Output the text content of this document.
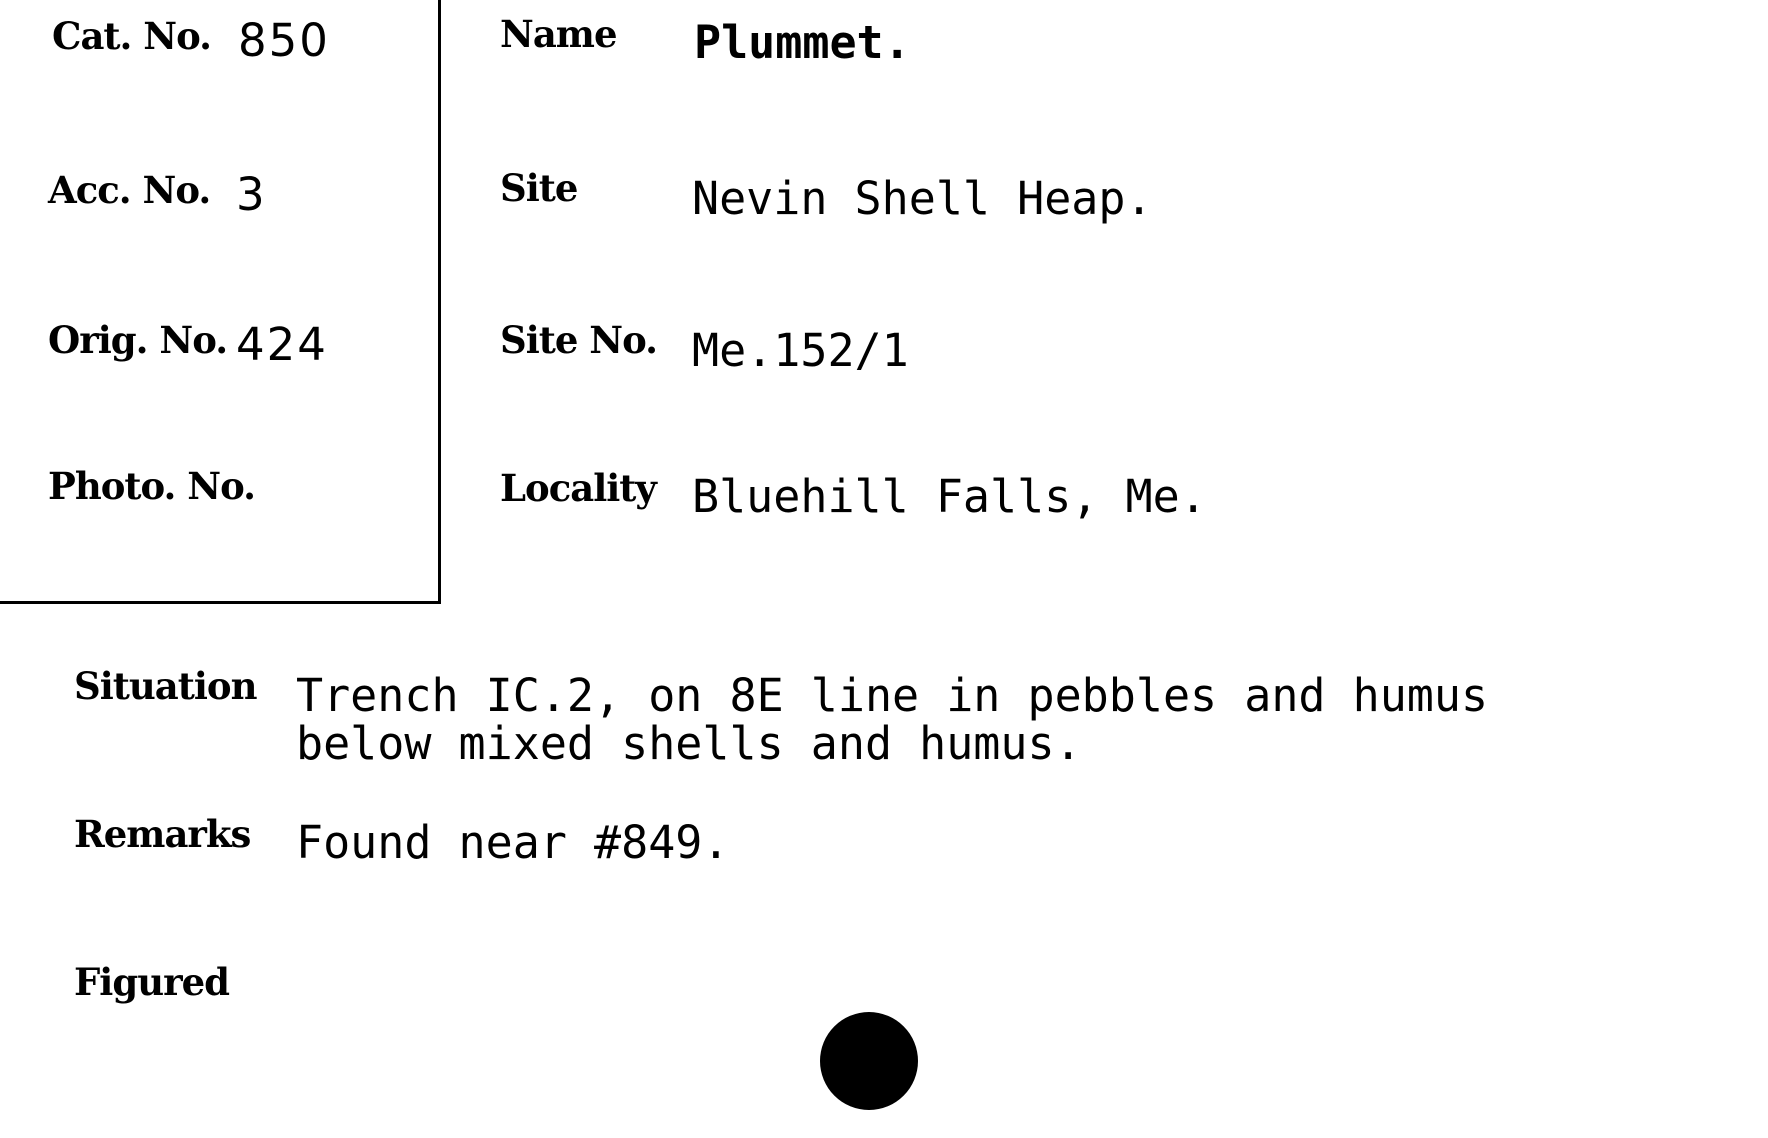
Cat. No. 850
Acc. No. 3
Orig. No. 424
Photo. No.
Name Plummet.
Site	Nevin Shell Heap.
Site No. Me.152/1
Locality Bluehill Falls, Me.
Situation Trench IC.2, on 8E line in pebbles and humus
below mixed shells and humus.
Remarks Found near #849.
Figured
